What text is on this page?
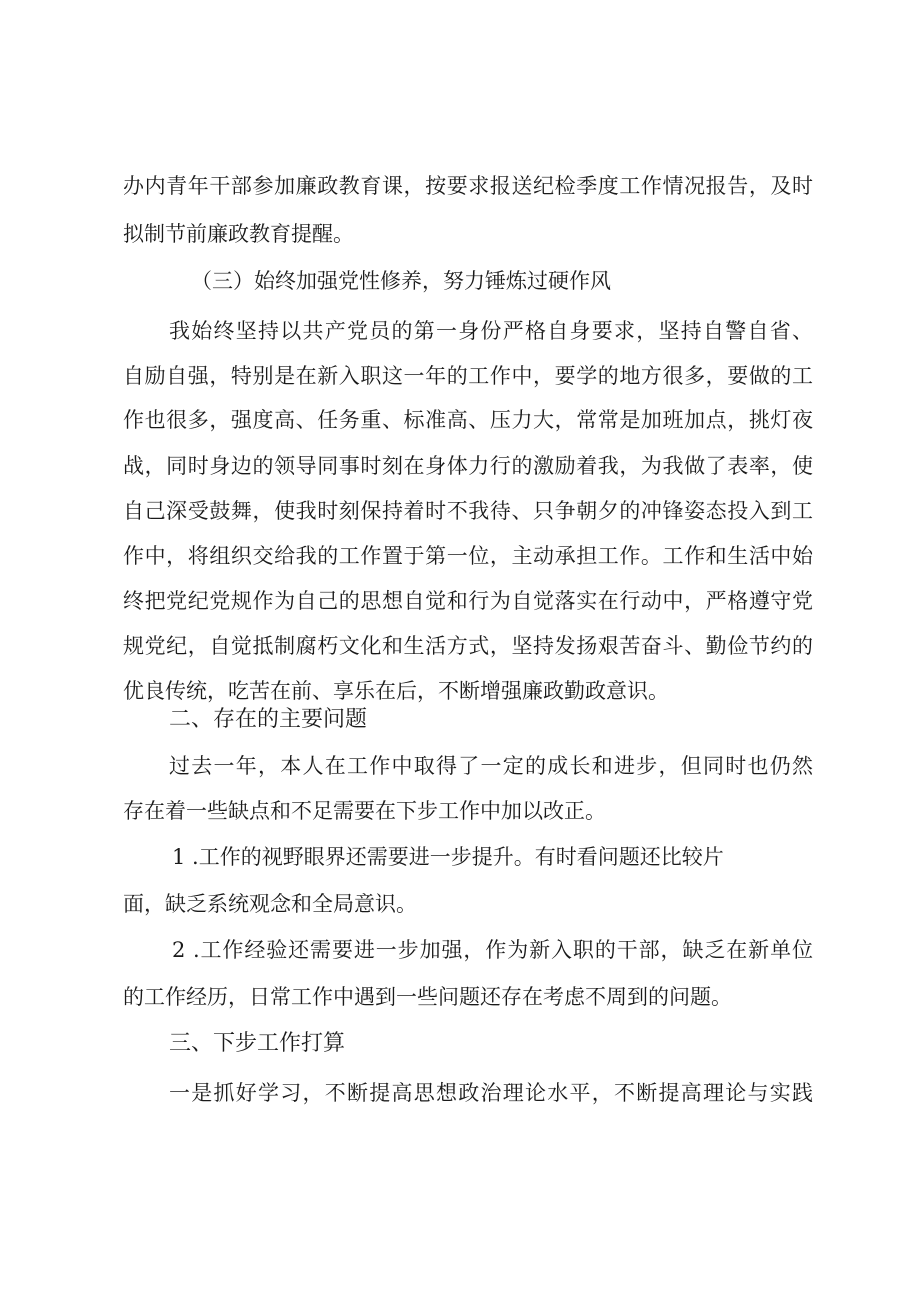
办内青年干部参加廉政教育课，按要求报送纪检季度工作情况报告，及时
拟制节前廉政教育提醒。
（三）始终加强党性修养，努力锤炼过硬作风
我始终坚持以共产党员的第一身份严格自身要求，坚持自警自省、
自励自强，特别是在新入职这一年的工作中，要学的地方很多，要做的工
作也很多，强度高、任务重、标准高、压力大，常常是加班加点，挑灯夜
战，同时身边的领导同事时刻在身体力行的激励着我，为我做了表率，使
自己深受鼓舞，使我时刻保持着时不我待、只争朝夕的冲锋姿态投入到工
作中，将组织交给我的工作置于第一位，主动承担工作。工作和生活中始
终把党纪党规作为自己的思想自觉和行为自觉落实在行动中，严格遵守党
规党纪，自觉抵制腐朽文化和生活方式，坚持发扬艰苦奋斗、勤俭节约的
优良传统，吃苦在前、享乐在后，不断增强廉政勤政意识。
二、存在的主要问题
过去一年，本人在工作中取得了一定的成长和进步，但同时也仍然
存在着一些缺点和不足需要在下步工作中加以改正。
1 .工作的视野眼界还需要进一步提升。有时看问题还比较片
面，缺乏系统观念和全局意识。
2 .工作经验还需要进一步加强，作为新入职的干部，缺乏在新单位
的工作经历，日常工作中遇到一些问题还存在考虑不周到的问题。
三、下步工作打算
一是抓好学习，不断提高思想政治理论水平，不断提高理论与实践
